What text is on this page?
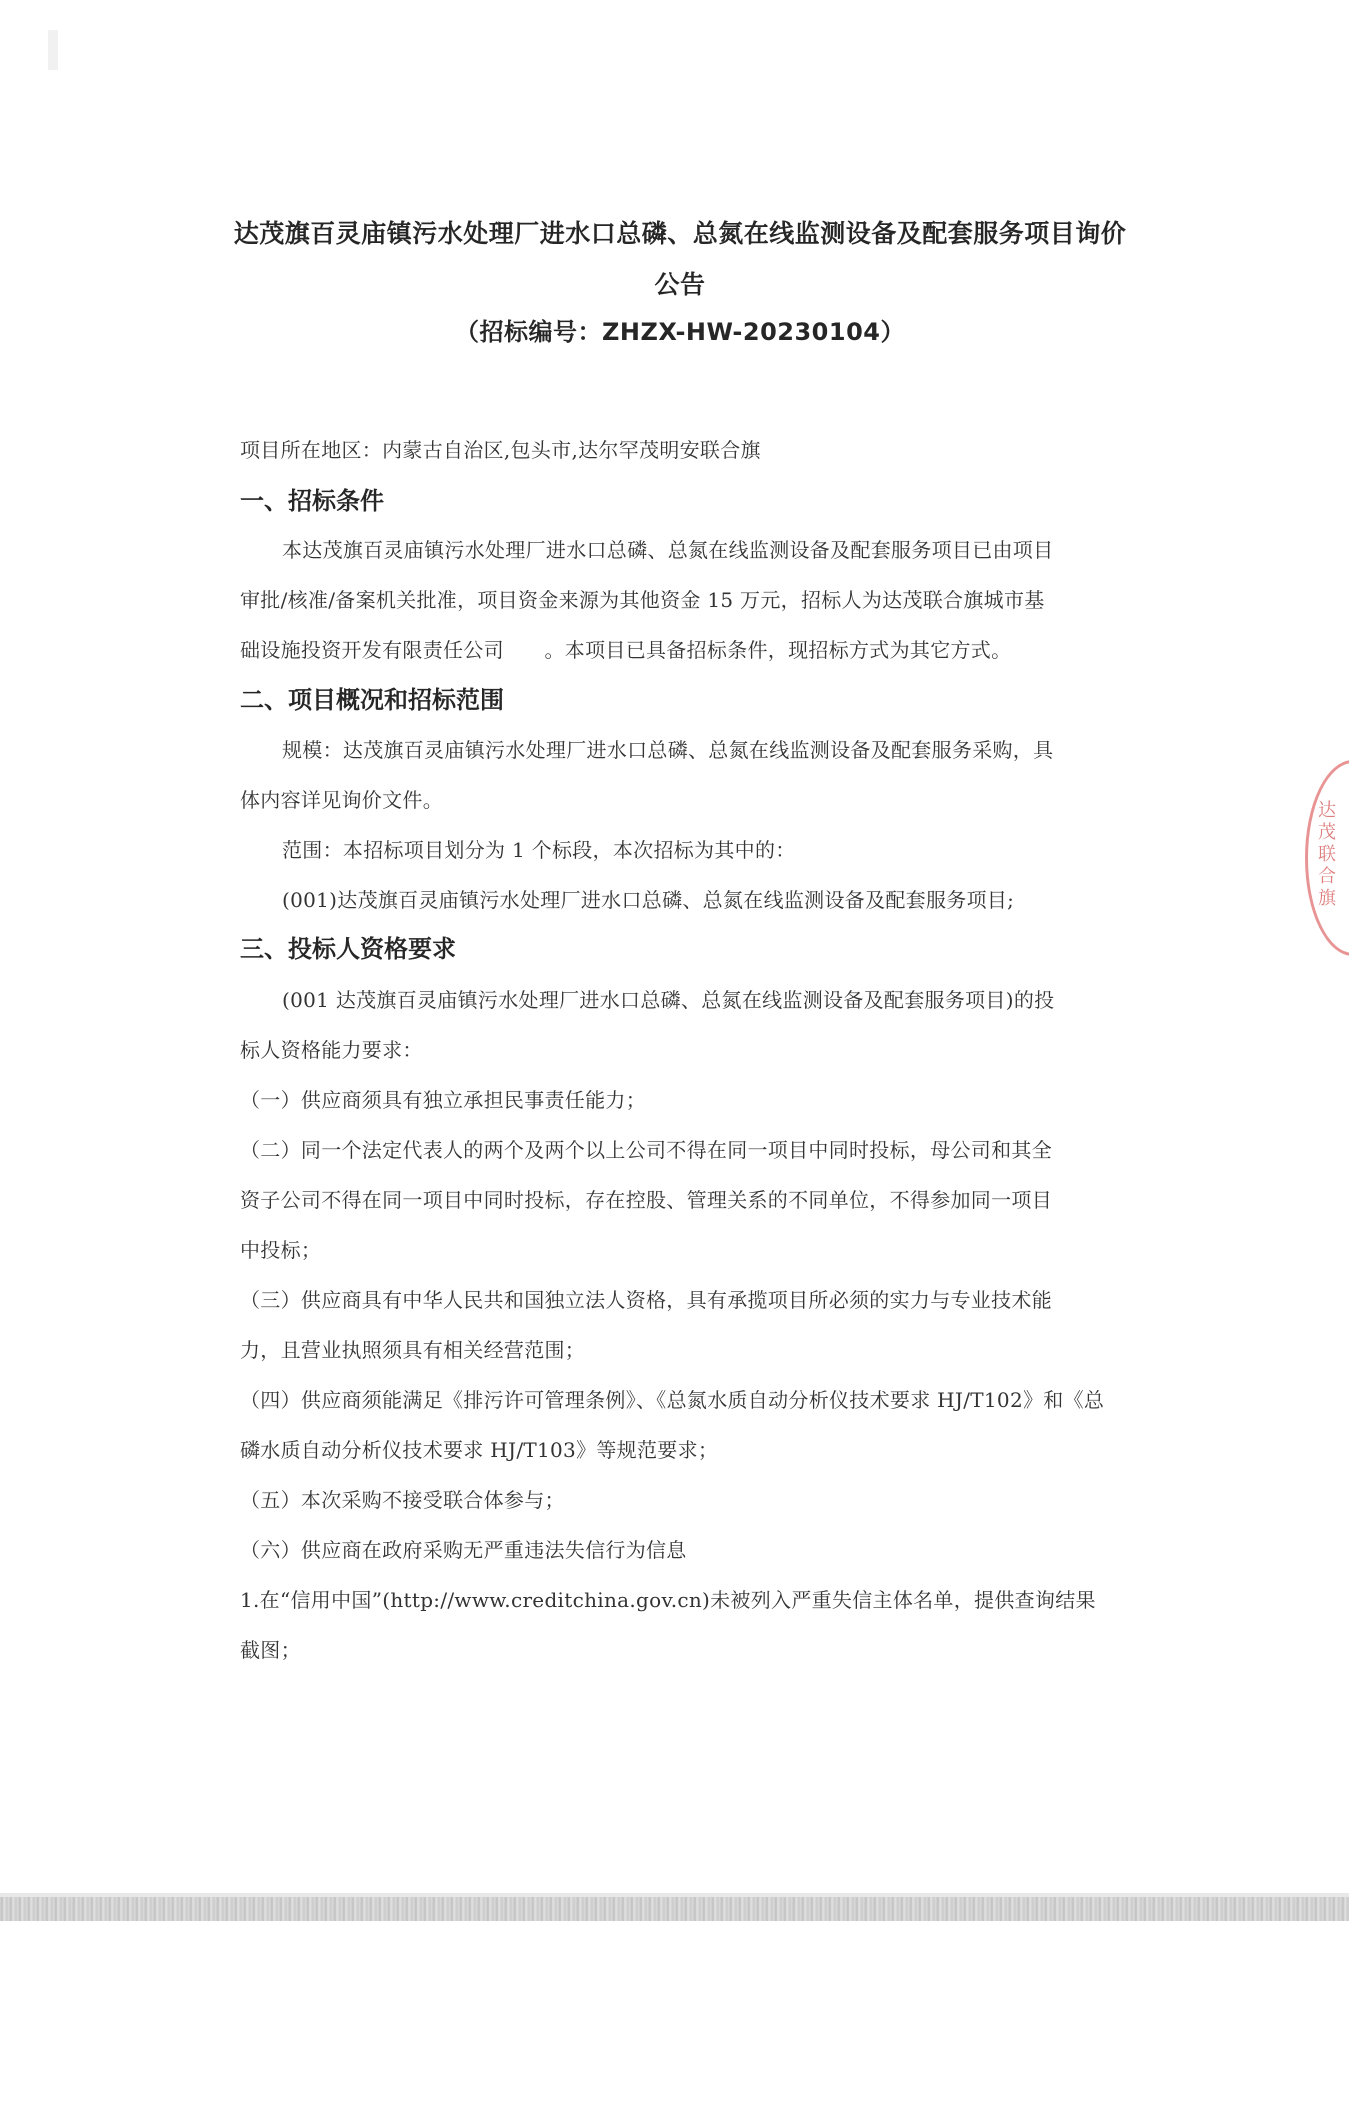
达茂旗百灵庙镇污水处理厂进水口总磷、总氮在线监测设备及配套服务项目询价
公告
（招标编号：ZHZX-HW-20230104）
项目所在地区：内蒙古自治区,包头市,达尔罕茂明安联合旗
一、招标条件
本达茂旗百灵庙镇污水处理厂进水口总磷、总氮在线监测设备及配套服务项目已由项目
审批/核准/备案机关批准，项目资金来源为其他资金 15 万元，招标人为达茂联合旗城市基
础设施投资开发有限责任公司　　。本项目已具备招标条件，现招标方式为其它方式。
二、项目概况和招标范围
规模：达茂旗百灵庙镇污水处理厂进水口总磷、总氮在线监测设备及配套服务采购，具
体内容详见询价文件。
范围：本招标项目划分为 1 个标段，本次招标为其中的：
(001)达茂旗百灵庙镇污水处理厂进水口总磷、总氮在线监测设备及配套服务项目;
三、投标人资格要求
(001 达茂旗百灵庙镇污水处理厂进水口总磷、总氮在线监测设备及配套服务项目)的投
标人资格能力要求：
（一）供应商须具有独立承担民事责任能力；
（二）同一个法定代表人的两个及两个以上公司不得在同一项目中同时投标，母公司和其全
资子公司不得在同一项目中同时投标，存在控股、管理关系的不同单位，不得参加同一项目
中投标；
（三）供应商具有中华人民共和国独立法人资格，具有承揽项目所必须的实力与专业技术能
力，且营业执照须具有相关经营范围；
（四）供应商须能满足《排污许可管理条例》、《总氮水质自动分析仪技术要求 HJ/T102》和《总
磷水质自动分析仪技术要求 HJ/T103》等规范要求；
（五）本次采购不接受联合体参与；
（六）供应商在政府采购无严重违法失信行为信息
1.在“信用中国”(http://www.creditchina.gov.cn)未被列入严重失信主体名单，提供查询结果
截图；
达茂联合旗
